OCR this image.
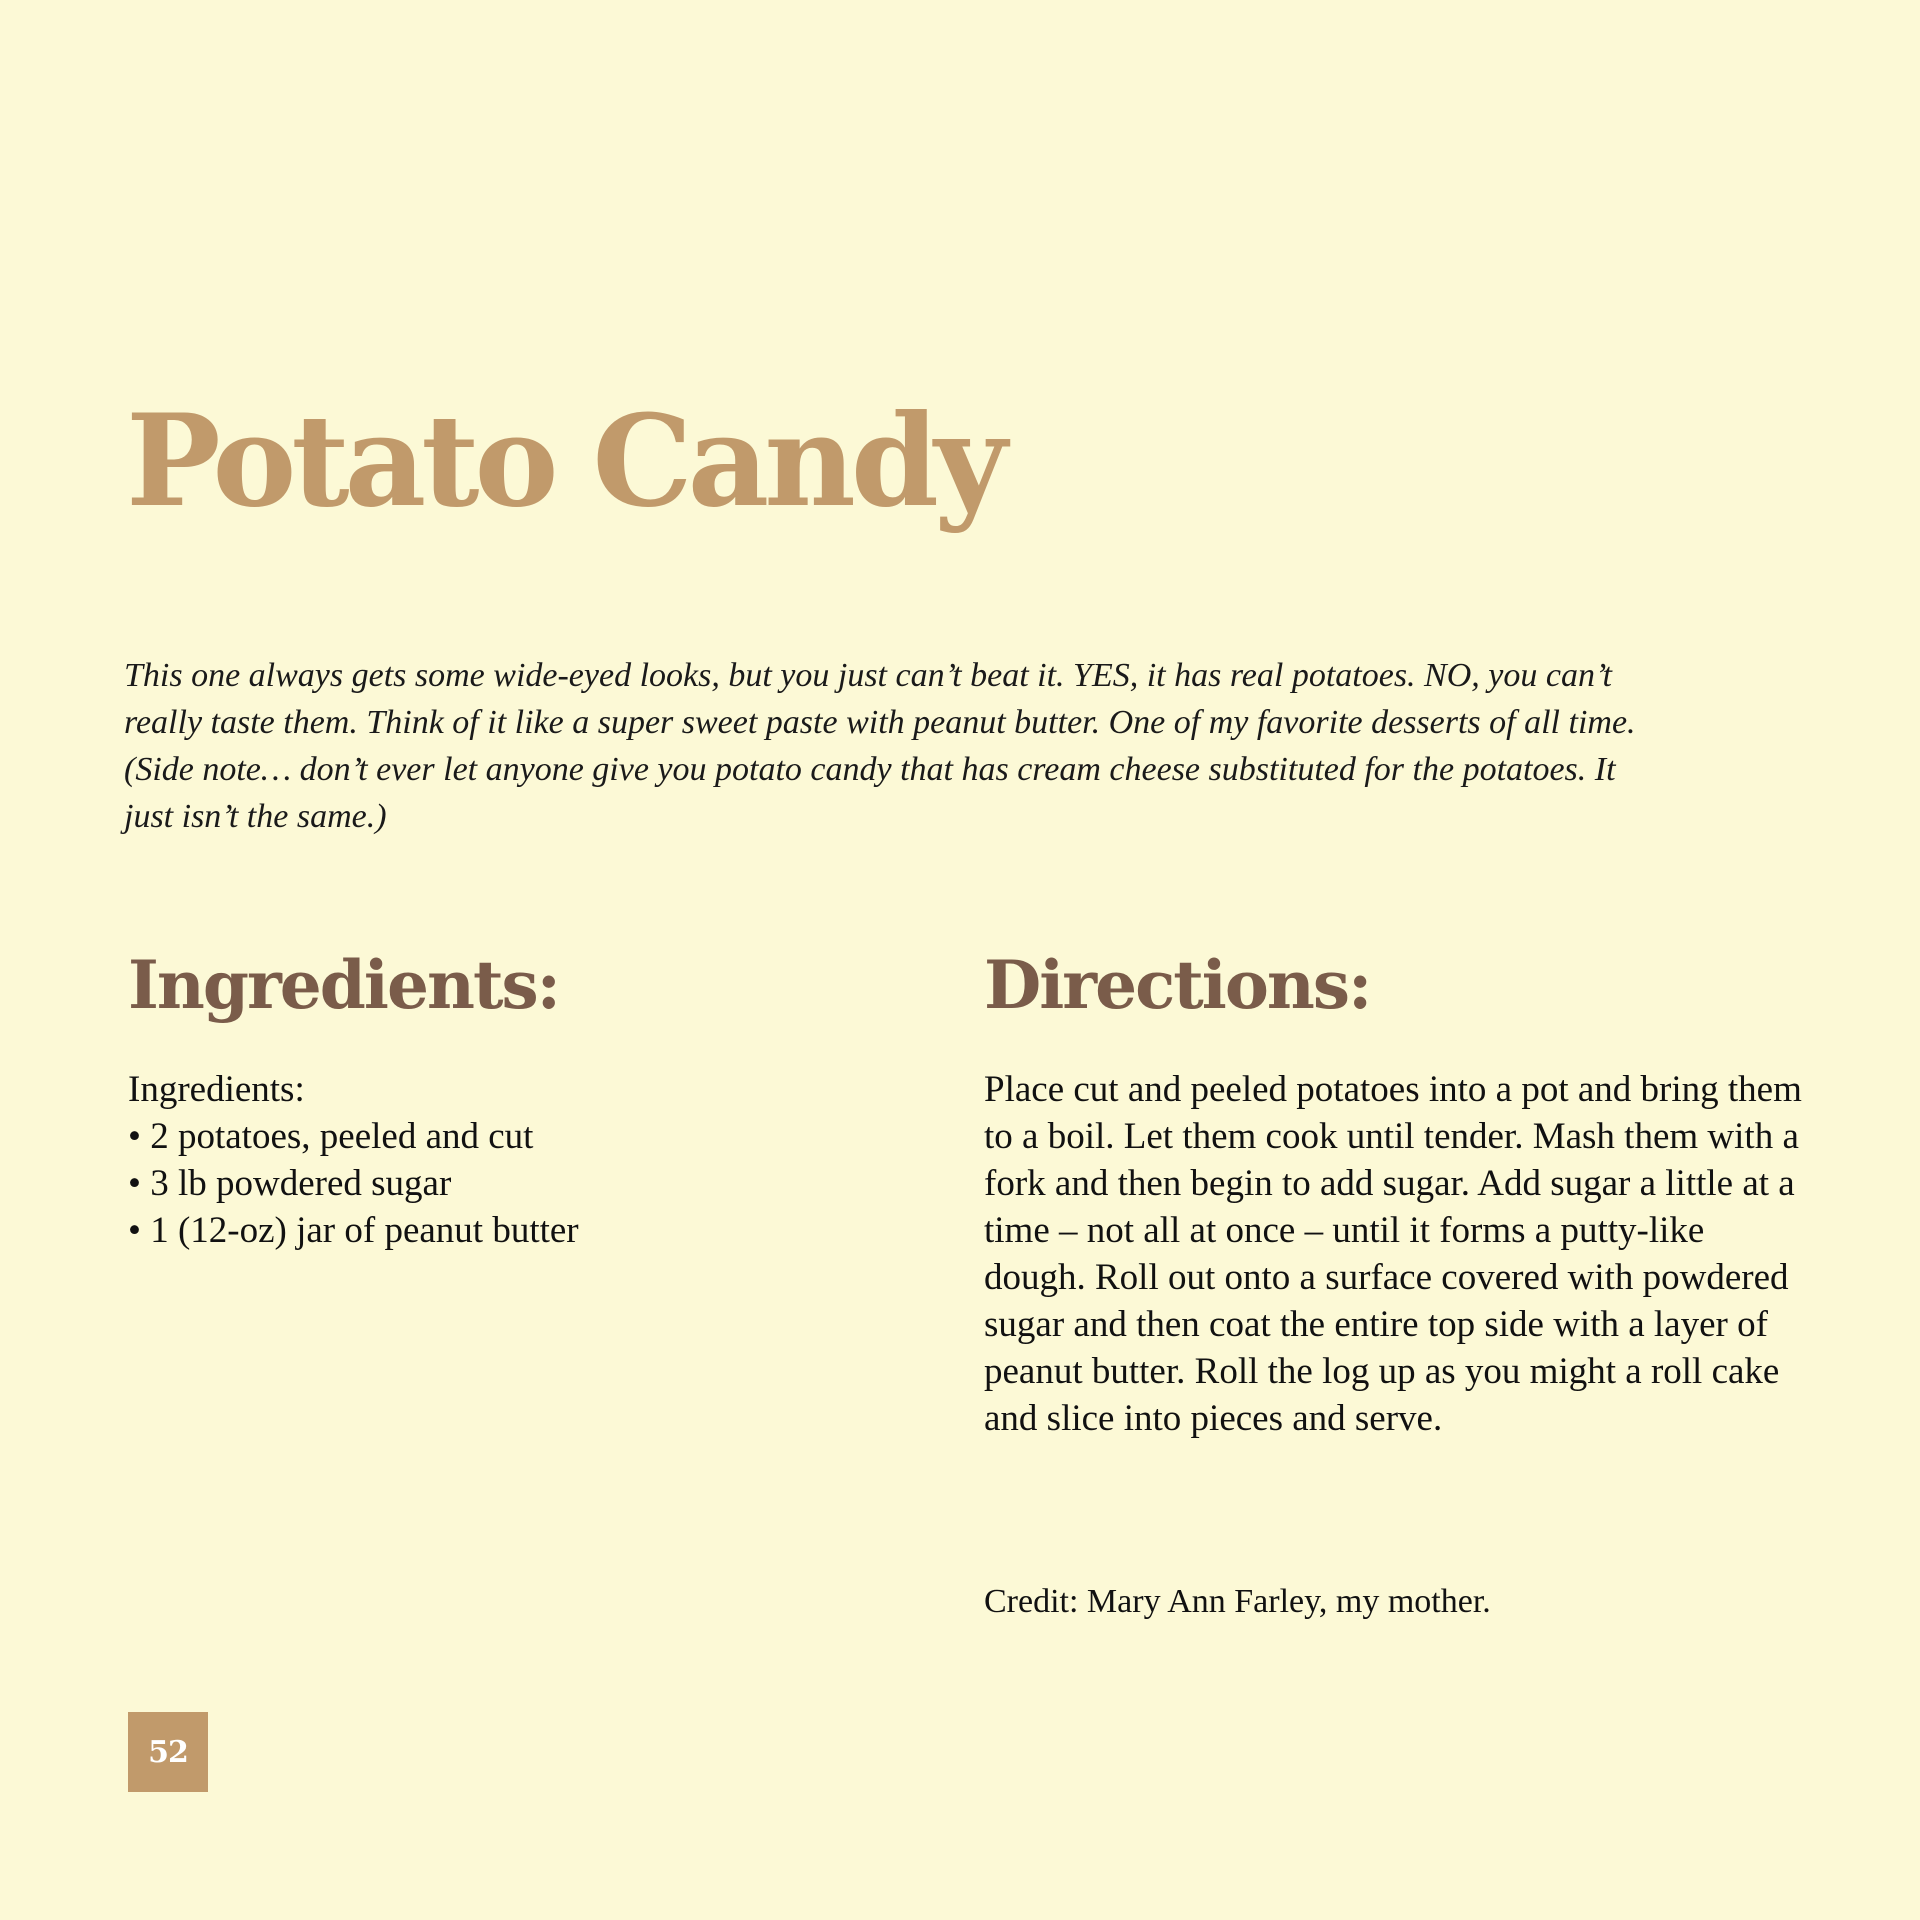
Potato Candy

This one always gets some wide-eyed looks, but you just can’t beat it. YES, it has real potatoes. NO, you can’t really taste them. Think of it like a super sweet paste with peanut butter. One of my favorite desserts of all time. (Side note… don’t ever let anyone give you potato candy that has cream cheese substituted for the potatoes. It just isn’t the same.)

Ingredients:
Ingredients:
• 2 potatoes, peeled and cut
• 3 lb powdered sugar
• 1 (12-oz) jar of peanut butter
Directions:

Place cut and peeled potatoes into a pot and bring them to a boil. Let them cook until tender. Mash them with a fork and then begin to add sugar. Add sugar a little at a time – not all at once – until it forms a putty-like dough. Roll out onto a surface covered with powdered sugar and then coat the entire top side with a layer of peanut butter. Roll the log up as you might a roll cake and slice into pieces and serve.

Credit: Mary Ann Farley, my mother.

52
